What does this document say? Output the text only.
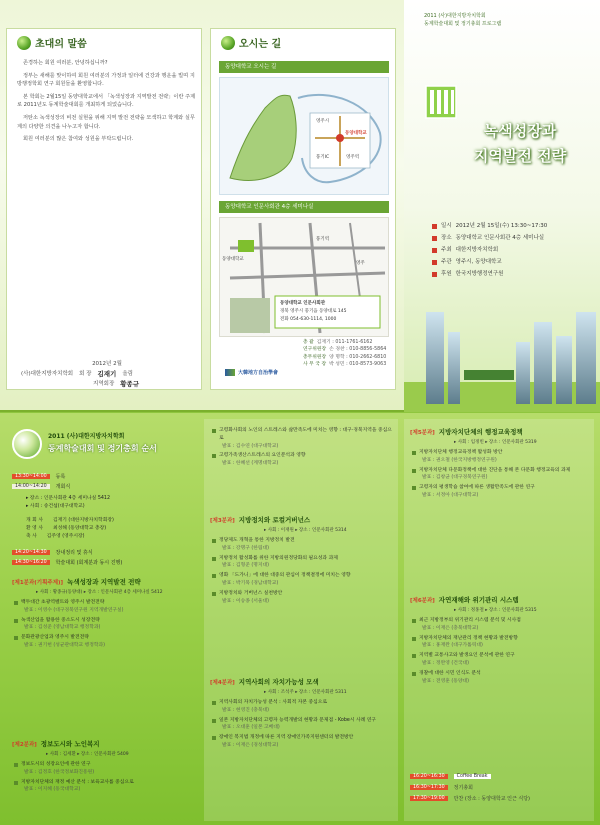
초대의 말씀

존경하는 회원 여러분, 안녕하십니까?

정부는 새해를 맞이하여 회원 여러분의 가정과 일터에 건강과 행운을 빌며 지방행정학회 연구 회원들을 환영합니다.

본 학회는 2월15일 동양대학교에서 「녹색성장과 지역발전 전략」이란 주제로 2011년도 동계학술대회를 개최하게 되었습니다.

저탄소 녹색성장의 비전 실현을 위해 지역 발전 전략을 모색하고 학계와 실무계의 다양한 의견을 나누고자 합니다.

회원 여러분의 많은 참여와 성원을 부탁드립니다.

2012년 2월
(사)대한지방자치학회 회 장 김재기 올림
지역회장 황종규
오시는 길
동양대학교 오시는 길
영주시
동양대학교
풍기IC	영주역
동양대학교 인문사회관 4층 세미나실
동양대학교
풍기역
영주
동양대학교 인문사회관
경북 영주시 풍기읍 동양대로 145
전화 054-630-1114, 1000
총 괄 김재기 : 011-1761-6162
연구위원장 손 경찬 : 010-8856-5864
총무위원장 양 명학 : 010-2662-6810
사 무 국 장 박 성민 : 010-8573-9063
大韓地方自治學會
2011 (사)대한지방자치학회
동계학술대회 및 정기총회 프로그램
녹색성장과
지역발전 전략
일시 2012년 2월 15일(수) 13:30~17:30
장소 동양대학교 인문사회관 4층 세미나실
주최 대한지방자치학회
주관 영주시, 동양대학교
후원 한국지방행정연구원
2011 (사)대한지방자치학회
동계학술대회 및 정기총회 순서
13:30~14:00	등록
14:00~14:20	개회식
▸ 장소 : 인문사회관 4층 세미나실 5412
▸ 사회 : 송건섭(대구대학교)
개 회 사 김재기 (대한지방자치학회장)
환 영 사 최성해 (동양대학교 총장)
축 사 김주영 (영주시장)
14:20~14:30	장내정리 및 휴식
14:30~16:20	학술대회 (회계분과 동시 진행)
[제1분과(기획주제)] 녹색성장과 지역발전 전략
▸ 사회 : 황종규(동양대) ▸ 장소 : 인문사회관 4층 세미나실 5412
백두대간 초광역벨트와 영주시 발전전략
발표 : 이영수 (대구경북연구원 지역개발연구실)
녹색산업을 활용한 중소도시 성장전략
발표 : 김성준 (영남대학교 행정학과)
문화관광산업과 영주시 발전전략
발표 : 권기헌 (성균관대학교 행정학과)
[제2분과] 정보도시와 노인복지
▸ 사회 : 김세환 ▸ 장소 : 인문사회관 5409
정보도시의 성장요인에 관한 연구
발표 : 김정호 (한국정보화진흥원)
지방자치단체의 재정 예산 분석 : 보육교사를 중심으로
발표 : 이지혜 (동국대학교)
고령화사회의 노인의 스트레스와 삶만족도에 미치는 영향 : 대구·경북지역을 중심으로
발표 : 김수연 (대구대학교)
고령가족생산스트레스의 요인분석과 영향
발표 : 한혜선 (계명대학교)
[제3분과] 지방정치와 로컬거버넌스
▸ 사회 : 이재원 ▸ 장소 : 인문사회관 5314
정당제도 개혁을 통한 지방정치 발전
발표 : 강명구 (한림대)
지방정치 활성화를 위한 지방의원정당화의 필요성과 과제
발표 : 김형준 (명지대)
영화 「도가니」에 대한 대중의 관심이 정책결정에 미치는 영향
발표 : 박기묵 (경남대학교)
지방정치와 거버넌스 실천방안
발표 : 이승종 (서울대)
[제4분과] 지역사회의 자치가능성 모색
▸ 사회 : 조석주 ▸ 장소 : 인문사회관 5311
지역사회의 자치가능성 분석 : 사회적 자본 중심으로
발표 : 현영진 (충북대)
일본 지방자치단체의 고령자 능력개발의 현황과 문제점 - Kobe시 사례 연구
발표 : 오대훈 (일본 고베대)
장애인 복지법 개정에 따른 지역 장애인가족지원센터의 발전방안
발표 : 이재은 (경성대학교)
[제5분과] 지방자치단체의 행정교육정책
▸ 사회 : 임정빈 ▸ 장소 : 인문사회관 5319
지방자치단체 행정교육정책 활성화 방안
발표 : 권오철 (한국지방행정연구원)
지방자치단체 다문화정책에 대한 진단을 통해 본 다문화 행정교육의 과제
발표 : 김창균 (대구경북연구원)
고령자의 평생학습 참여에 따른 생활만족도에 관한 연구
발표 : 서정아 (대구대학교)
[제6분과] 자연재해와 위기관리 시스템
▸ 사회 : 정홍철 ▸ 장소 : 인문사회관 5315
최근 지방정부의 위기관리 시스템 분석 및 시사점
발표 : 이재은 (충북대학교)
지방자치단체의 재난관리 정책 현황과 발전방향
발표 : 홍재완 (대구가톨릭대)
지역별 교통사고와 발생요인 분석에 관한 연구
발표 : 정완영 (건국대)
경찰에 대한 시민 인식도 분석
발표 : 전영훈 (동양대)
16:20~16:30	Coffee Break
16:30~17:30	정기총회
17:30~19:00	만찬 (장소 : 동양대학교 인근 식당)
